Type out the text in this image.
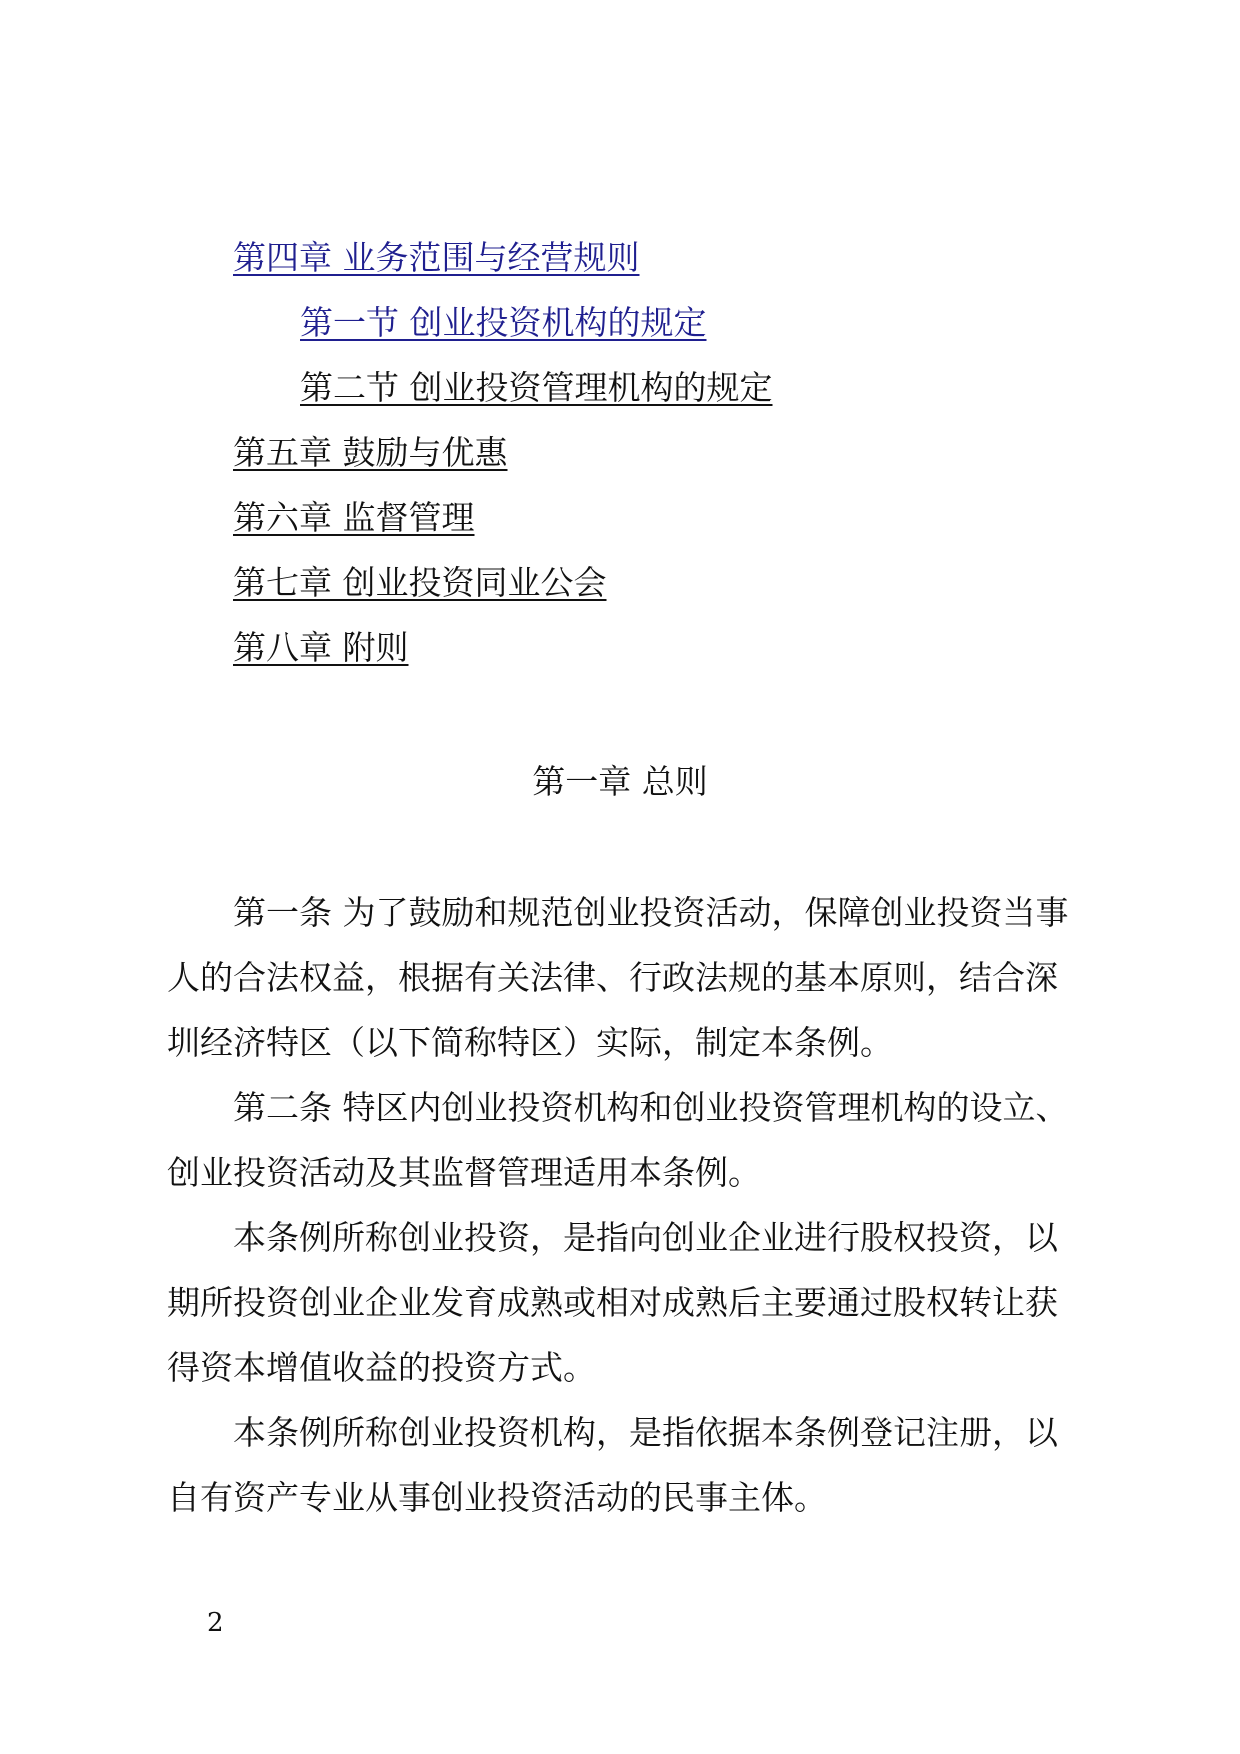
第四章 业务范围与经营规则
第一节 创业投资机构的规定
第二节 创业投资管理机构的规定
第五章 鼓励与优惠
第六章 监督管理
第七章 创业投资同业公会
第八章 附则
第一章 总则
第一条 为了鼓励和规范创业投资活动，保障创业投资当事
人的合法权益，根据有关法律、行政法规的基本原则，结合深
圳经济特区（以下简称特区）实际，制定本条例。
第二条 特区内创业投资机构和创业投资管理机构的设立、
创业投资活动及其监督管理适用本条例。
本条例所称创业投资，是指向创业企业进行股权投资，以
期所投资创业企业发育成熟或相对成熟后主要通过股权转让获
得资本增值收益的投资方式。
本条例所称创业投资机构，是指依据本条例登记注册，以
自有资产专业从事创业投资活动的民事主体。
2
